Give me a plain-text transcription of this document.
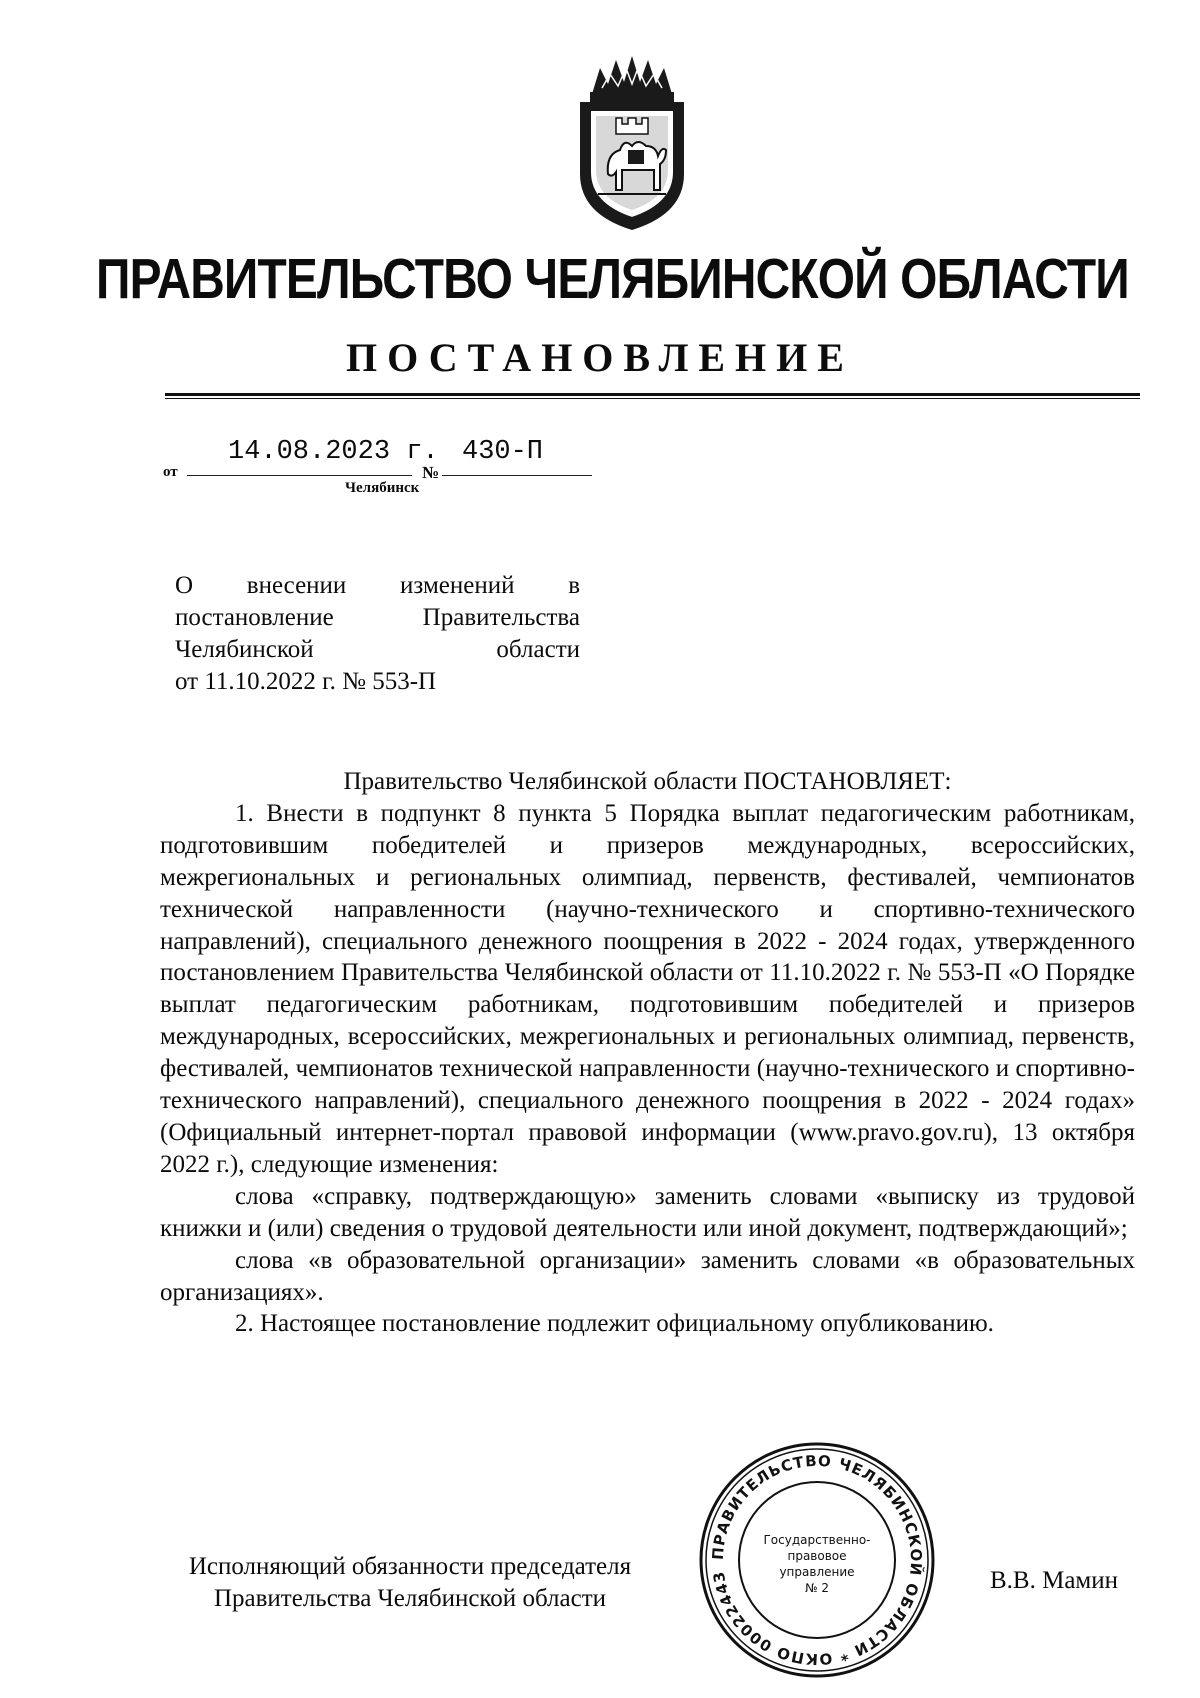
ПРАВИТЕЛЬСТВО ЧЕЛЯБИНСКОЙ ОБЛАСТИ
ПОСТАНОВЛЕНИЕ
от
14.08.2023 г.
№
430-П
Челябинск
О внесении изменений в
постановление Правительства
Челябинской области
от 11.10.2022 г. № 553-П

Правительство Челябинской области ПОСТАНОВЛЯЕТ:

1. Внести в подпункт 8 пункта 5 Порядка выплат педагогическим работникам, подготовившим победителей и призеров международных, всероссийских, межрегиональных и региональных олимпиад, первенств, фестивалей, чемпионатов технической направленности (научно-технического и спортивно-технического направлений), специального денежного поощрения в 2022 - 2024 годах, утвержденного постановлением Правительства Челябинской области от 11.10.2022 г. № 553-П «О Порядке выплат педагогическим работникам, подготовившим победителей и призеров международных, всероссийских, межрегиональных и региональных олимпиад, первенств, фестивалей, чемпионатов технической направленности (научно-технического и спортивно-технического направлений), специального денежного поощрения в 2022 - 2024 годах» (Официальный интернет-портал правовой информации (www.pravo.gov.ru), 13 октября 2022 г.), следующие изменения:

слова «справку, подтверждающую» заменить словами «выписку из трудовой книжки и (или) сведения о трудовой деятельности или иной документ, подтверждающий»;

слова «в образовательной организации» заменить словами «в образовательных организациях».

2. Настоящее постановление подлежит официальному опубликованию.

Исполняющий обязанности председателя
Правительства Челябинской области
ПРАВИТЕЛЬСТВО ЧЕЛЯБИНСКОЙ ОБЛАСТИ * ОКПО 00022443
Государственно-
правовое
управление
№ 2	В.В. Мамин
